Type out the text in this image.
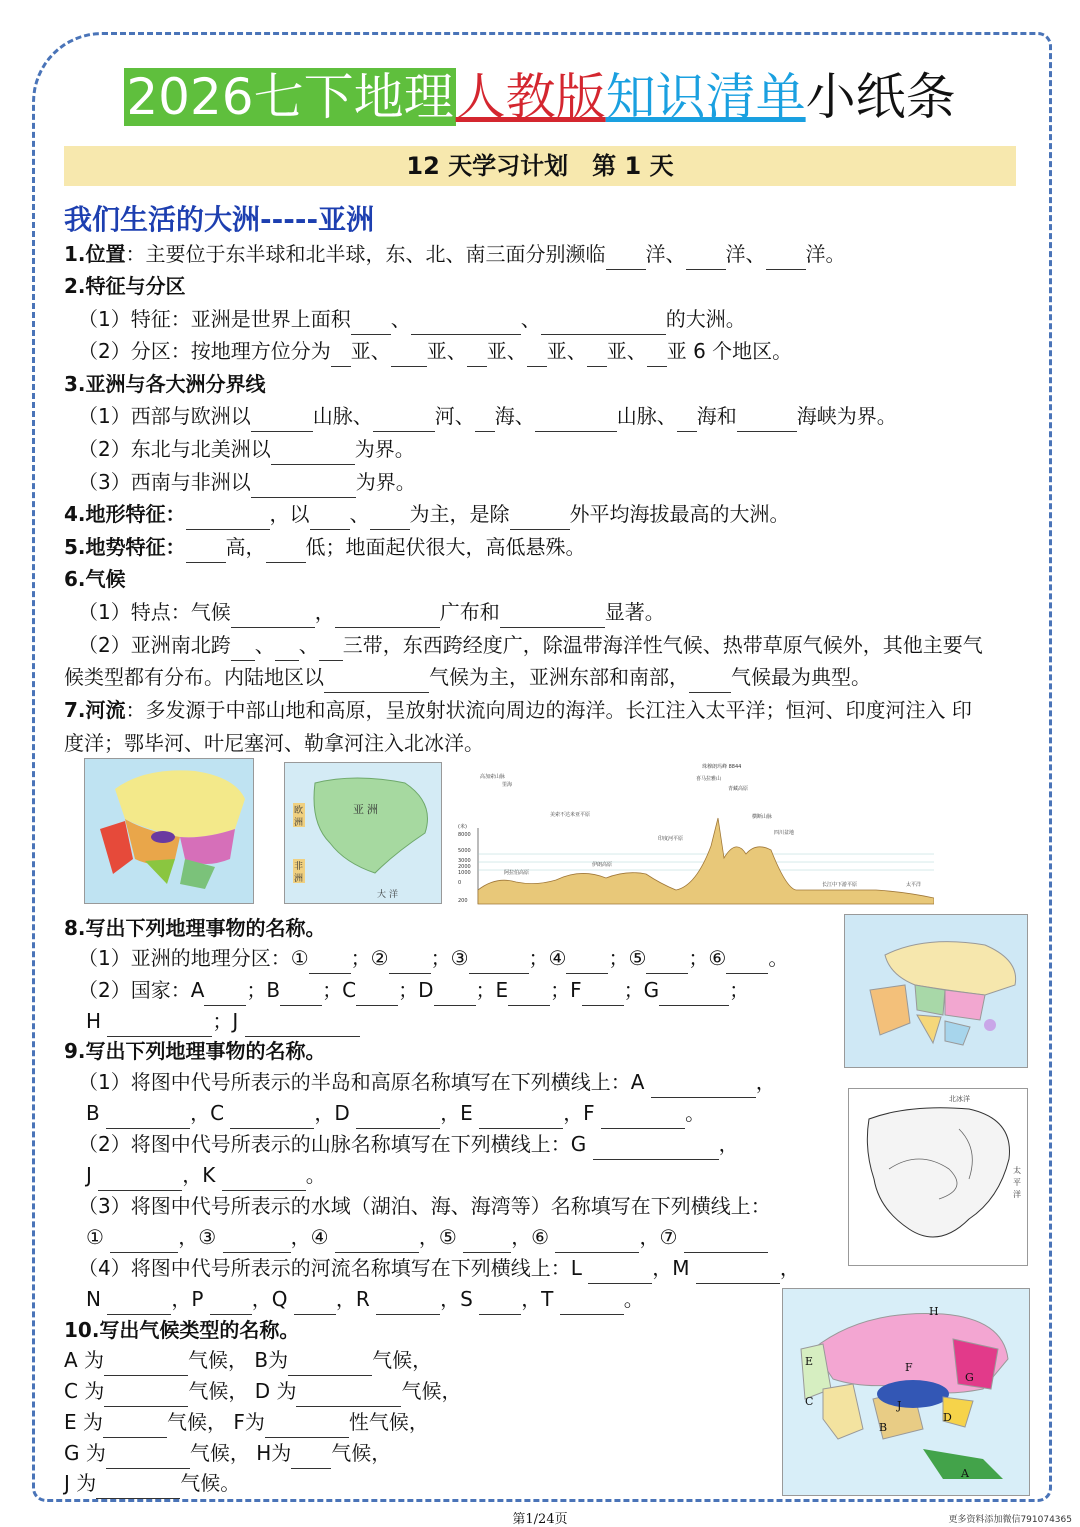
2026七下地理人教版知识清单小纸条
12 天学习计划　第 1 天
我们生活的大洲-----亚洲
1.位置：主要位于东半球和北半球，东、北、南三面分别濒临 洋、 洋、 洋。
2.特征与分区
（1）特征：亚洲是世界上面积 、	、	的大洲。
（2）分区：按地理方位分为 亚、 亚、 亚、 亚、 亚、 亚 6 个地区。
3.亚洲与各大洲分界线
（1）西部与欧洲以	山脉、	河、 海、	山脉、 海和	海峡为界。
（2）东北与北美洲以	为界。
（3）西南与非洲以	为界。
4.地形特征：	，以 、 为主，是除	外平均海拔最高的大洲。
5.地势特征： 高， 低；地面起伏很大，高低悬殊。
6.气候
（1）特点：气候	，	广布和	显著。
（2）亚洲南北跨 、 、 三带，东西跨经度广，除温带海洋性气候、热带草原气候外，其他主要气
候类型都有分布。内陆地区以	气候为主，亚洲东部和南部， 气候最为典型。
7.河流：多发源于中部山地和高原，呈放射状流向周边的海洋。长江注入太平洋；恒河、印度河注入 印
度洋；鄂毕河、叶尼塞河、勒拿河注入北冰洋。
亚 洲
欧
洲
非
洲
大 洋
(米)
8000
5000
3000
2000
1000
0
200
高加索山脉
里海
美索不达米亚平原
伊朗高原
阿拉伯高原
印度河平原
喜马拉雅山
珠穆朗玛峰 8844
青藏高原
横断山脉
四川盆地
长江中下游平原	太平洋
8.写出下列地理事物的名称。
（1）亚洲的地理分区：① ；② ；③	；④ ；⑤ ；⑥ 。
（2）国家：A ；B ；C ；D ；E ；F ；G	；
H	；J
9.写出下列地理事物的名称。
（1）将图中代号所表示的半岛和高原名称填写在下列横线上：A	，
B	，C	，D	，E	，F	。
（2）将图中代号所表示的山脉名称填写在下列横线上：G	，
J	，K	。
（3）将图中代号所表示的水域（湖泊、海、海湾等）名称填写在下列横线上：
①	，③	，④	，⑤	，⑥	，⑦
（4）将图中代号所表示的河流名称填写在下列横线上：L	，M	，
N	，P ，Q ，R	，S ，T	。
北冰洋
太
平
洋
10.写出气候类型的名称。
A 为	气候， B为	气候，
C 为	气候， D 为	气候，
E 为	气候， F为	性气候，
G 为	气候， H为 气候，
J 为	气候。
H
E	F
G
C	J
B
D
A
第1/24页	更多资料添加微信791074365
